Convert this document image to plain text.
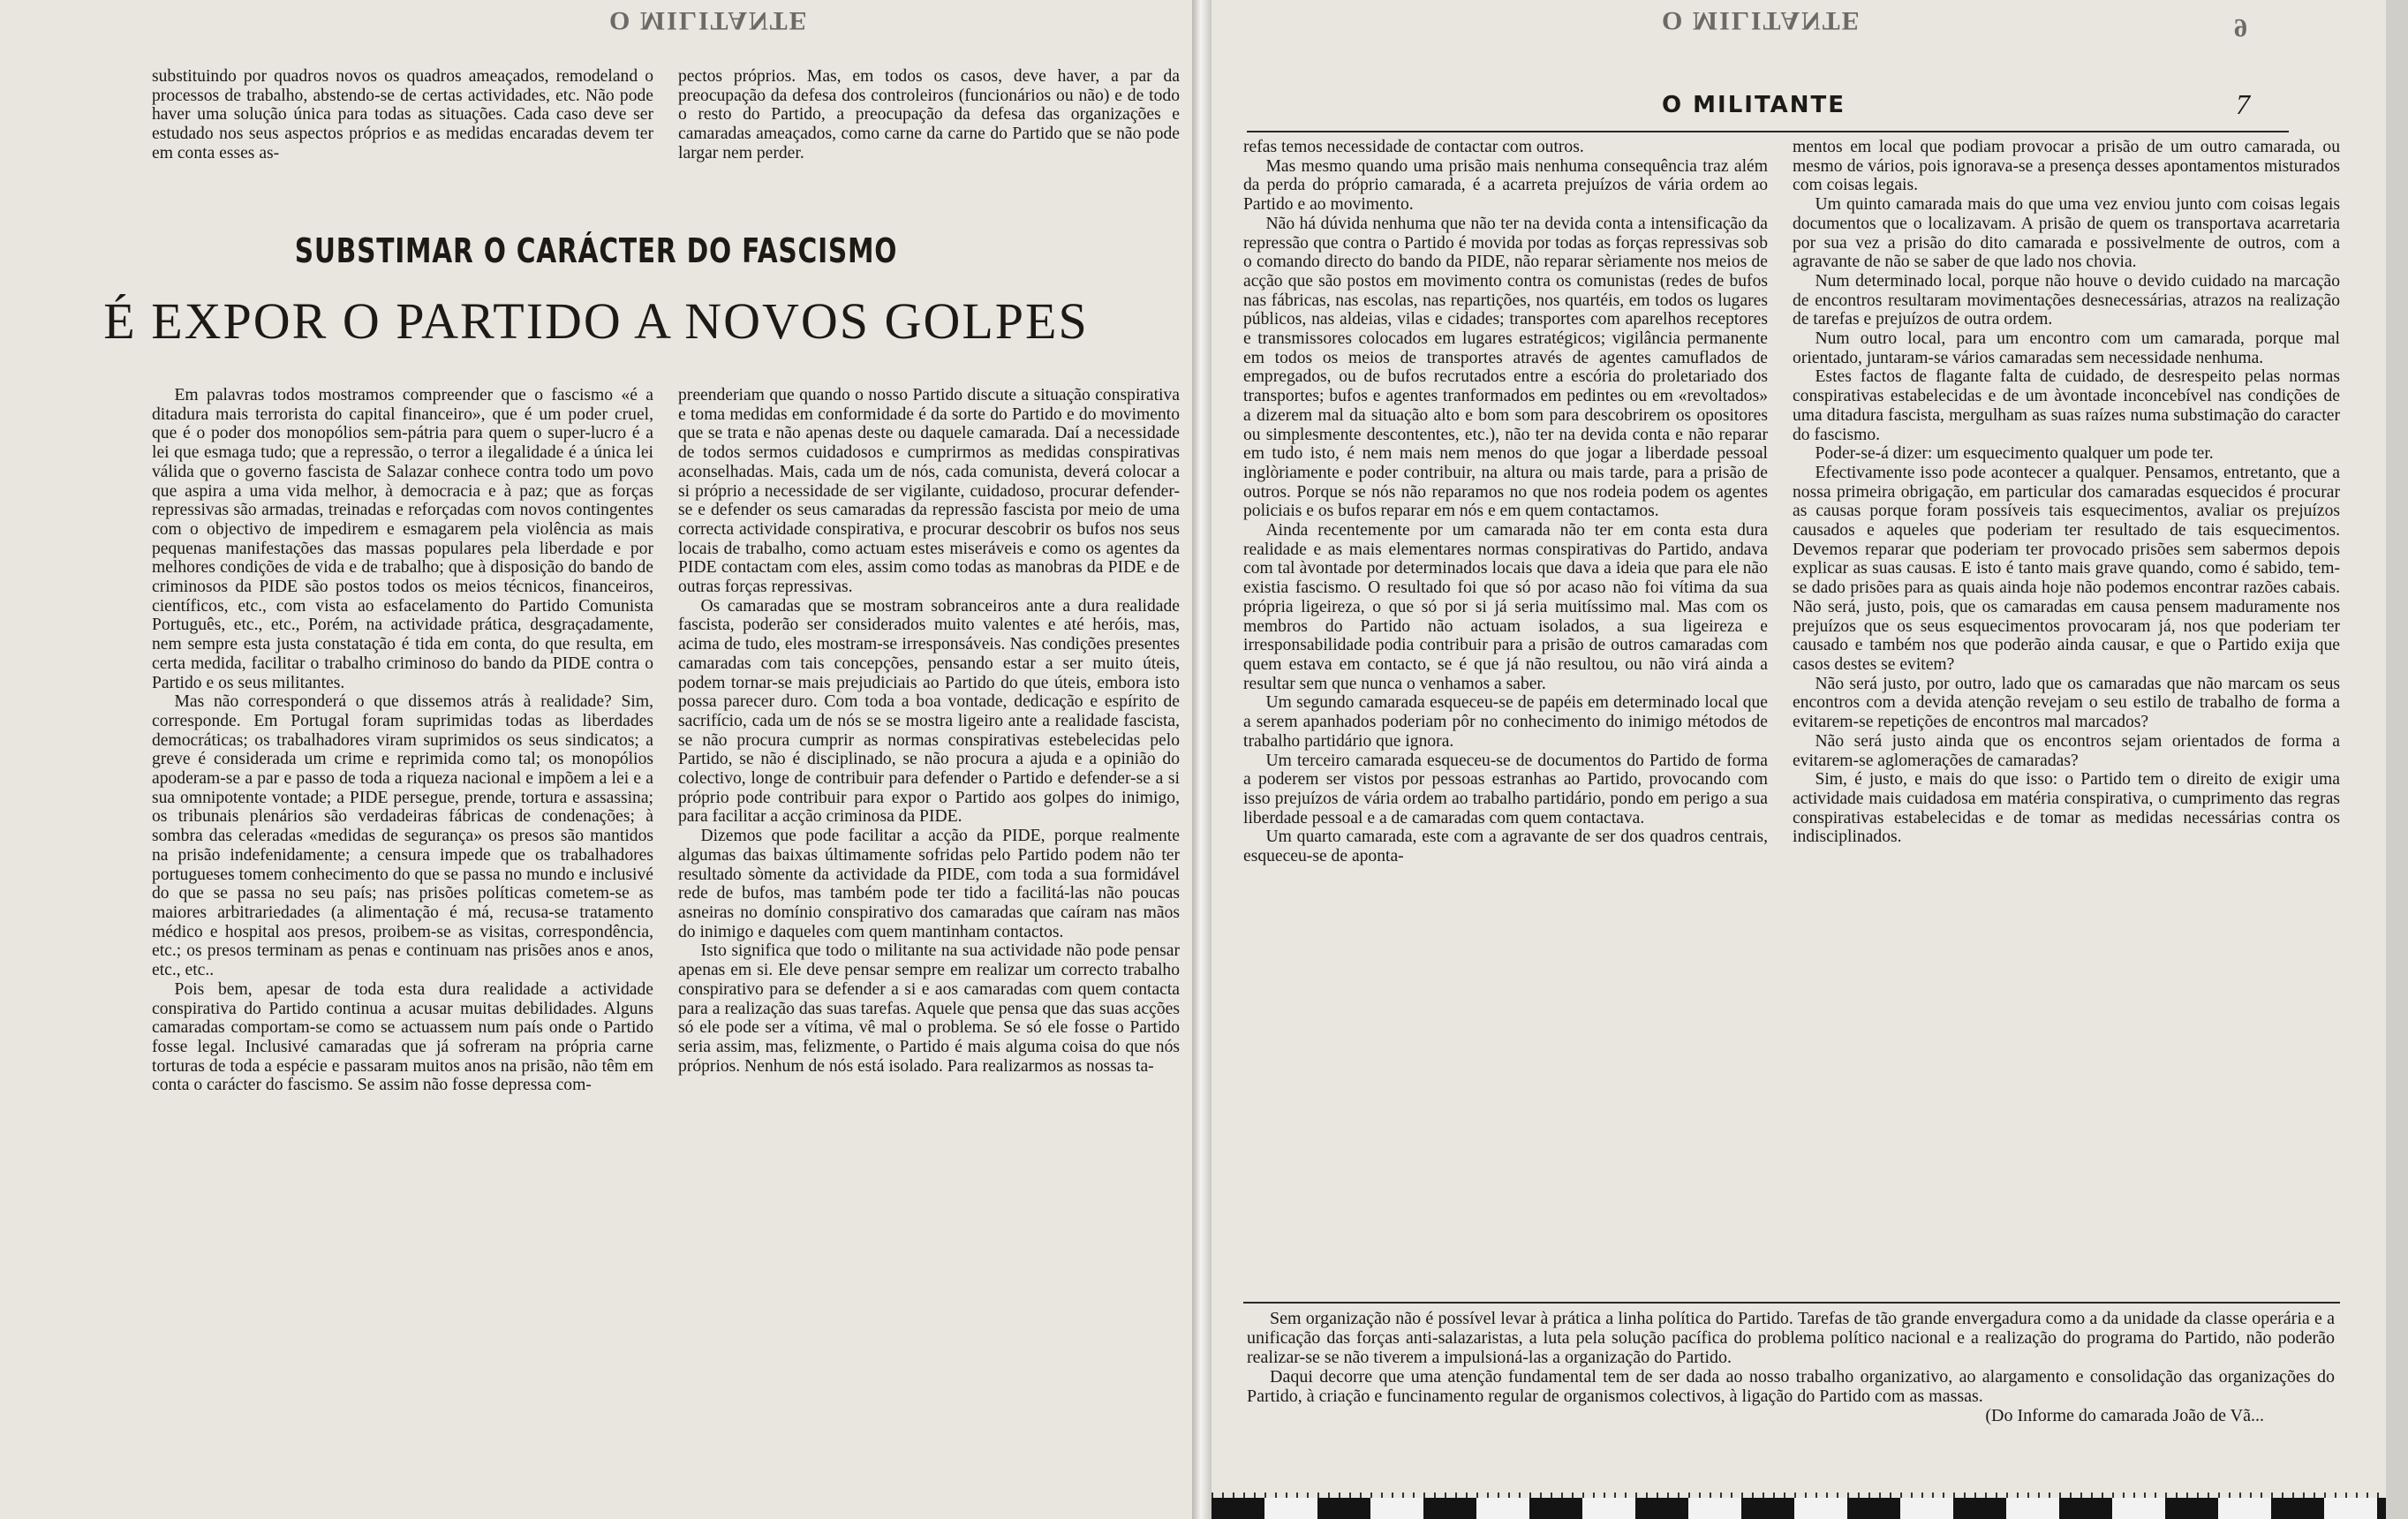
O MILITANTE

substituindo por quadros novos os quadros ameaçados, remodeland o processos de trabalho, abstendo-se de certas actividades, etc. Não pode haver uma solução única para todas as situações. Cada caso deve ser estudado nos seus aspectos próprios e as medidas encaradas devem ter em conta esses as-

pectos próprios. Mas, em todos os casos, deve haver, a par da preocupação da defesa dos controleiros (funcionários ou não) e de todo o resto do Partido, a preocupação da defesa das organizações e camaradas ameaçados, como carne da carne do Partido que se não pode largar nem perder.

SUBSTIMAR O CARÁCTER DO FASCISMO
É EXPOR O PARTIDO A NOVOS GOLPES

Em palavras todos mostramos compreender que o fascismo «é a ditadura mais terrorista do capital financeiro», que é um poder cruel, que é o poder dos monopólios sem-pátria para quem o super-lucro é a lei que esmaga tudo; que a repressão, o terror a ilegalidade é a única lei válida que o governo fascista de Salazar conhece contra todo um povo que aspira a uma vida melhor, à democracia e à paz; que as forças repressivas são armadas, treinadas e reforçadas com novos contingentes com o objectivo de impedirem e esmagarem pela violência as mais pequenas manifestações das massas populares pela liberdade e por melhores condições de vida e de trabalho; que à disposição do bando de criminosos da PIDE são postos todos os meios técnicos, financeiros, científicos, etc., com vista ao esfacelamento do Partido Comunista Português, etc., etc., Porém, na actividade prática, desgraçadamente, nem sempre esta justa constatação é tida em conta, do que resulta, em certa medida, facilitar o trabalho criminoso do bando da PIDE contra o Partido e os seus militantes.

Mas não corresponderá o que dissemos atrás à realidade? Sim, corresponde. Em Portugal foram suprimidas todas as liberdades democráticas; os trabalhadores viram suprimidos os seus sindicatos; a greve é considerada um crime e reprimida como tal; os monopólios apoderam-se a par e passo de toda a riqueza nacional e impõem a lei e a sua omnipotente vontade; a PIDE persegue, prende, tortura e assassina; os tribunais plenários são verdadeiras fábricas de condenações; à sombra das celeradas «medidas de segurança» os presos são mantidos na prisão indefenidamente; a censura impede que os trabalhadores portugueses tomem conhecimento do que se passa no mundo e inclusivé do que se passa no seu país; nas prisões políticas cometem-se as maiores arbitrariedades (a alimentação é má, recusa-se tratamento médico e hospital aos presos, proibem-se as visitas, correspondência, etc.; os presos terminam as penas e continuam nas prisões anos e anos, etc., etc..

Pois bem, apesar de toda esta dura realidade a actividade conspirativa do Partido continua a acusar muitas debilidades. Alguns camaradas comportam-se como se actuassem num país onde o Partido fosse legal. Inclusivé camaradas que já sofreram na própria carne torturas de toda a espécie e passaram muitos anos na prisão, não têm em conta o carácter do fascismo. Se assim não fosse depressa com-

preenderiam que quando o nosso Partido discute a situação conspirativa e toma medidas em conformidade é da sorte do Partido e do movimento que se trata e não apenas deste ou daquele camarada. Daí a necessidade de todos sermos cuidadosos e cumprirmos as medidas conspirativas aconselhadas. Mais, cada um de nós, cada comunista, deverá colocar a si próprio a necessidade de ser vigilante, cuidadoso, procurar defender-se e defender os seus camaradas da repressão fascista por meio de uma correcta actividade conspirativa, e procurar descobrir os bufos nos seus locais de trabalho, como actuam estes miseráveis e como os agentes da PIDE contactam com eles, assim como todas as manobras da PIDE e de outras forças repressivas.

Os camaradas que se mostram sobranceiros ante a dura realidade fascista, poderão ser considerados muito valentes e até heróis, mas, acima de tudo, eles mostram-se irresponsáveis. Nas condições presentes camaradas com tais concepções, pensando estar a ser muito úteis, podem tornar-se mais prejudiciais ao Partido do que úteis, embora isto possa parecer duro. Com toda a boa vontade, dedicação e espírito de sacrifício, cada um de nós se se mostra ligeiro ante a realidade fascista, se não procura cumprir as normas conspirativas estebelecidas pelo Partido, se não é disciplinado, se não procura a ajuda e a opinião do colectivo, longe de contribuir para defender o Partido e defender-se a si próprio pode contribuir para expor o Partido aos golpes do inimigo, para facilitar a acção criminosa da PIDE.

Dizemos que pode facilitar a acção da PIDE, porque realmente algumas das baixas últimamente sofridas pelo Partido podem não ter resultado sòmente da actividade da PIDE, com toda a sua formidável rede de bufos, mas também pode ter tido a facilitá-las não poucas asneiras no domínio conspirativo dos camaradas que caíram nas mãos do inimigo e daqueles com quem mantinham contactos.

Isto significa que todo o militante na sua actividade não pode pensar apenas em si. Ele deve pensar sempre em realizar um correcto trabalho conspirativo para se defender a si e aos camaradas com quem contacta para a realização das suas tarefas. Aquele que pensa que das suas acções só ele pode ser a vítima, vê mal o problema. Se só ele fosse o Partido seria assim, mas, felizmente, o Partido é mais alguma coisa do que nós próprios. Nenhum de nós está isolado. Para realizarmos as nossas ta-

O MILITANTE	9
O MILITANTE	7

refas temos necessidade de contactar com outros.

Mas mesmo quando uma prisão mais nenhuma consequência traz além da perda do próprio camarada, é a acarreta prejuízos de vária ordem ao Partido e ao movimento.

Não há dúvida nenhuma que não ter na devida conta a intensificação da repressão que contra o Partido é movida por todas as forças repressivas sob o comando directo do bando da PIDE, não reparar sèriamente nos meios de acção que são postos em movimento contra os comunistas (redes de bufos nas fábricas, nas escolas, nas repartições, nos quartéis, em todos os lugares públicos, nas aldeias, vilas e cidades; transportes com aparelhos receptores e transmissores colocados em lugares estratégicos; vigilância permanente em todos os meios de transportes através de agentes camuflados de empregados, ou de bufos recrutados entre a escória do proletariado dos transportes; bufos e agentes tranformados em pedintes ou em «revoltados» a dizerem mal da situação alto e bom som para descobrirem os opositores ou simplesmente descontentes, etc.), não ter na devida conta e não reparar em tudo isto, é nem mais nem menos do que jogar a liberdade pessoal inglòriamente e poder contribuir, na altura ou mais tarde, para a prisão de outros. Porque se nós não reparamos no que nos rodeia podem os agentes policiais e os bufos reparar em nós e em quem contactamos.

Ainda recentemente por um camarada não ter em conta esta dura realidade e as mais elementares normas conspirativas do Partido, andava com tal àvontade por determinados locais que dava a ideia que para ele não existia fascismo. O resultado foi que só por acaso não foi vítima da sua própria ligeireza, o que só por si já seria muitíssimo mal. Mas com os membros do Partido não actuam isolados, a sua ligeireza e irresponsabilidade podia contribuir para a prisão de outros camaradas com quem estava em contacto, se é que já não resultou, ou não virá ainda a resultar sem que nunca o venhamos a saber.

Um segundo camarada esqueceu-se de papéis em determinado local que a serem apanhados poderiam pôr no conhecimento do inimigo métodos de trabalho partidário que ignora.

Um terceiro camarada esqueceu-se de documentos do Partido de forma a poderem ser vistos por pessoas estranhas ao Partido, provocando com isso prejuízos de vária ordem ao trabalho partidário, pondo em perigo a sua liberdade pessoal e a de camaradas com quem contactava.

Um quarto camarada, este com a agravante de ser dos quadros centrais, esqueceu-se de aponta-

mentos em local que podiam provocar a prisão de um outro camarada, ou mesmo de vários, pois ignorava-se a presença desses apontamentos misturados com coisas legais.

Um quinto camarada mais do que uma vez enviou junto com coisas legais documentos que o localizavam. A prisão de quem os transportava acarretaria por sua vez a prisão do dito camarada e possivelmente de outros, com a agravante de não se saber de que lado nos chovia.

Num determinado local, porque não houve o devido cuidado na marcação de encontros resultaram movimentações desnecessárias, atrazos na realização de tarefas e prejuízos de outra ordem.

Num outro local, para um encontro com um camarada, porque mal orientado, juntaram-se vários camaradas sem necessidade nenhuma.

Estes factos de flagante falta de cuidado, de desrespeito pelas normas conspirativas estabelecidas e de um àvontade inconcebível nas condições de uma ditadura fascista, mergulham as suas raízes numa substimação do caracter do fascismo.

Poder-se-á dizer: um esquecimento qualquer um pode ter.

Efectivamente isso pode acontecer a qualquer. Pensamos, entretanto, que a nossa primeira obrigação, em particular dos camaradas esquecidos é procurar as causas porque foram possíveis tais esquecimentos, avaliar os prejuízos causados e aqueles que poderiam ter resultado de tais esquecimentos. Devemos reparar que poderiam ter provocado prisões sem sabermos depois explicar as suas causas. E isto é tanto mais grave quando, como é sabido, tem-se dado prisões para as quais ainda hoje não podemos encontrar razões cabais. Não será, justo, pois, que os camaradas em causa pensem maduramente nos prejuízos que os seus esquecimentos provocaram já, nos que poderiam ter causado e também nos que poderão ainda causar, e que o Partido exija que casos destes se evitem?

Não será justo, por outro, lado que os camaradas que não marcam os seus encontros com a devida atenção revejam o seu estilo de trabalho de forma a evitarem-se repetições de encontros mal marcados?

Não será justo ainda que os encontros sejam orientados de forma a evitarem-se aglomerações de camaradas?

Sim, é justo, e mais do que isso: o Partido tem o direito de exigir uma actividade mais cuidadosa em matéria conspirativa, o cumprimento das regras conspirativas estabelecidas e de tomar as medidas necessárias contra os indisciplinados.

Sem organização não é possível levar à prática a linha política do Partido. Tarefas de tão grande envergadura como a da unidade da classe operária e a unificação das forças anti-salazaristas, a luta pela solução pacífica do problema político nacional e a realização do programa do Partido, não poderão realizar-se se não tiverem a impulsioná-las a organização do Partido.

Daqui decorre que uma atenção fundamental tem de ser dada ao nosso trabalho organizativo, ao alargamento e consolidação das organizações do Partido, à criação e funcinamento regular de organismos colectivos, à ligação do Partido com as massas.

(Do Informe do camarada João de Vã...
